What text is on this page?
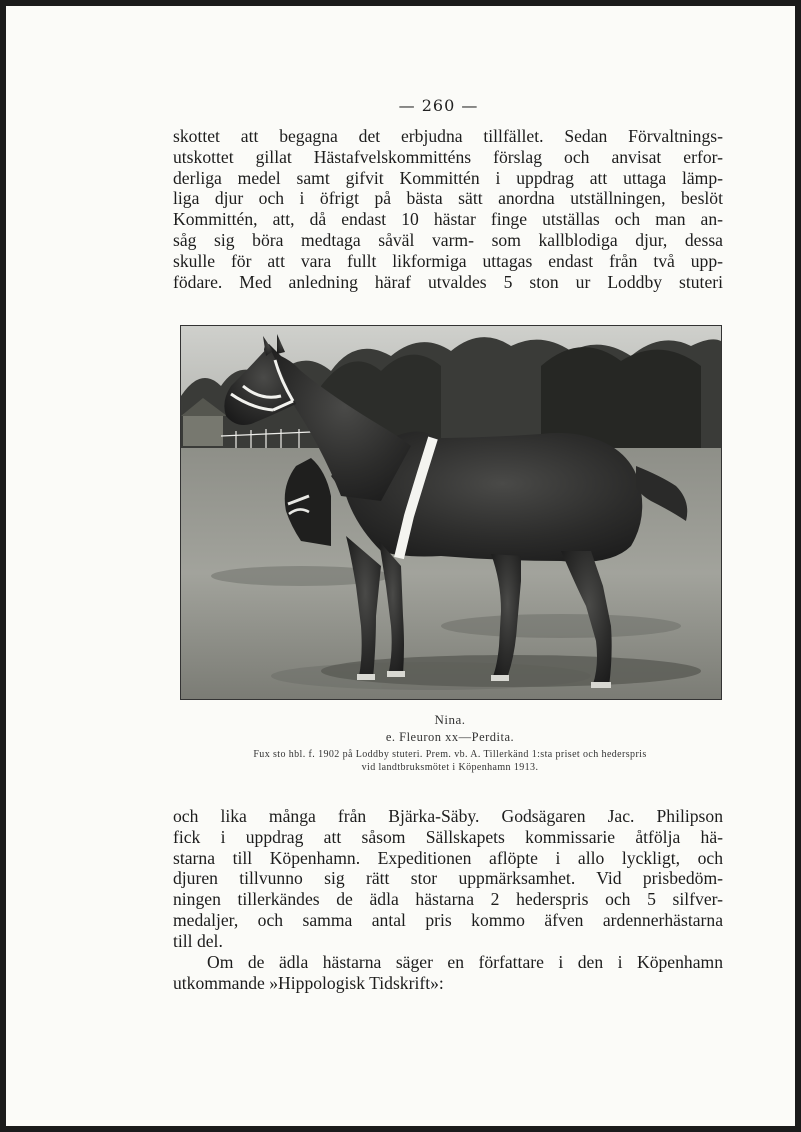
— 260 —

skottet att begagna det erbjudna tillfället. Sedan Förvaltnings-
utskottet gillat Hästafvelskommitténs förslag och anvisat erfor-
derliga medel samt gifvit Kommittén i uppdrag att uttaga lämp-
liga djur och i öfrigt på bästa sätt anordna utställningen, beslöt
Kommittén, att, då endast 10 hästar finge utställas och man an-
såg sig böra medtaga såväl varm- som kallblodiga djur, dessa
skulle för att vara fullt likformiga uttagas endast från två upp-
födare. Med anledning häraf utvaldes 5 ston ur Loddby stuteri

Nina.

e. Fleuron xx—Perdita.

Fux sto hbl. f. 1902 på Loddby stuteri. Prem. vb. A. Tillerkänd 1:sta priset och hederspris
vid landtbruksmötet i Köpenhamn 1913.

och lika många från Bjärka-Säby. Godsägaren Jac. Philipson
fick i uppdrag att såsom Sällskapets kommissarie åtfölja hä-
starna till Köpenhamn. Expeditionen aflöpte i allo lyckligt, och
djuren tillvunno sig rätt stor uppmärksamhet. Vid prisbedöm-
ningen tillerkändes de ädla hästarna 2 hederspris och 5 silfver-
medaljer, och samma antal pris kommo äfven ardennerhästarna
till del.

Om de ädla hästarna säger en författare i den i Köpenhamn
utkommande »Hippologisk Tidskrift»:
